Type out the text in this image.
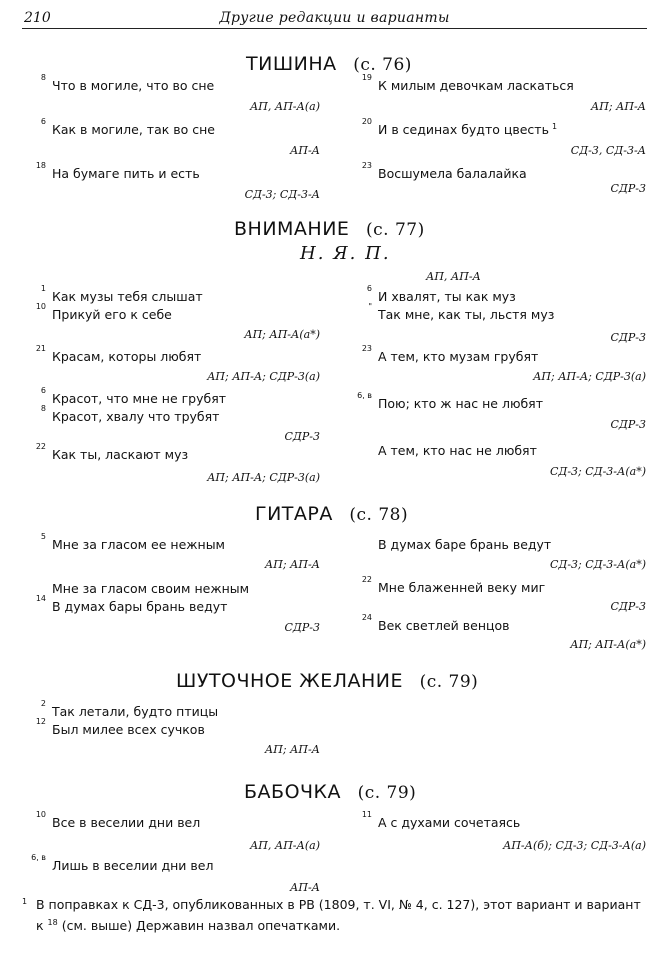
210	Другие редакции и варианты
ТИШИНА (с. 76)
8
Что в могиле, что во сне
АП, АП-А(а)
6
Как в могиле, так во сне
АП-А
18
На бумаге пить и есть
СД-3; СД-3-А
19
К милым девочкам ласкаться
АП; АП-А
20
И в сединах будто цвесть $^1$
СД-3, СД-3-А
23
Восшумела балалайка
СДР-3
ВНИМАНИЕ (с. 77)
Н. Я. П.
АП, АП-А
1
Как музы тебя слышат
10
Прикуй его к себе
АП; АП-А(а*)
21
Красам, которы любят
АП; АП-А; СДР-3(а)
6
Красот, что мне не грубят
8
Красот, хвалу что трубят
СДР-3
22
Как ты, ласкают муз
АП; АП-А; СДР-3(а)
6
И хвалят, ты как муз
"
Так мне, как ты, льстя муз
СДР-3
23
А тем, кто музам грубят
АП; АП-А; СДР-3(а)
6, в
Пою; кто ж нас не любят
СДР-3
А тем, кто нас не любят
СД-3; СД-3-А(а*)
ГИТАРА (с. 78)
5
Мне за гласом ее нежным
АП; АП-А
Мне за гласом своим нежным
14
В думах бары брань ведут
СДР-3
В думах баре брань ведут
СД-3; СД-3-А(а*)
22
Мне блаженней веку миг
СДР-3
24
Век светлей венцов
АП; АП-А(а*)
ШУТОЧНОЕ ЖЕЛАНИЕ (с. 79)
2
Так летали, будто птицы
12
Был милее всех сучков
АП; АП-А
БАБОЧКА (с. 79)
10
Все в веселии дни вел
АП, АП-А(а)
6, в
Лишь в веселии дни вел
АП-А
11
А с духами сочетаясь
АП-А(б); СД-3; СД-3-А(а)
1 В поправках к СД-3, опубликованных в РВ (1809, т. VI, № 4, с. 127), этот вариант и вариант
к $^{18}$ (см. выше) Державин назвал опечатками.
